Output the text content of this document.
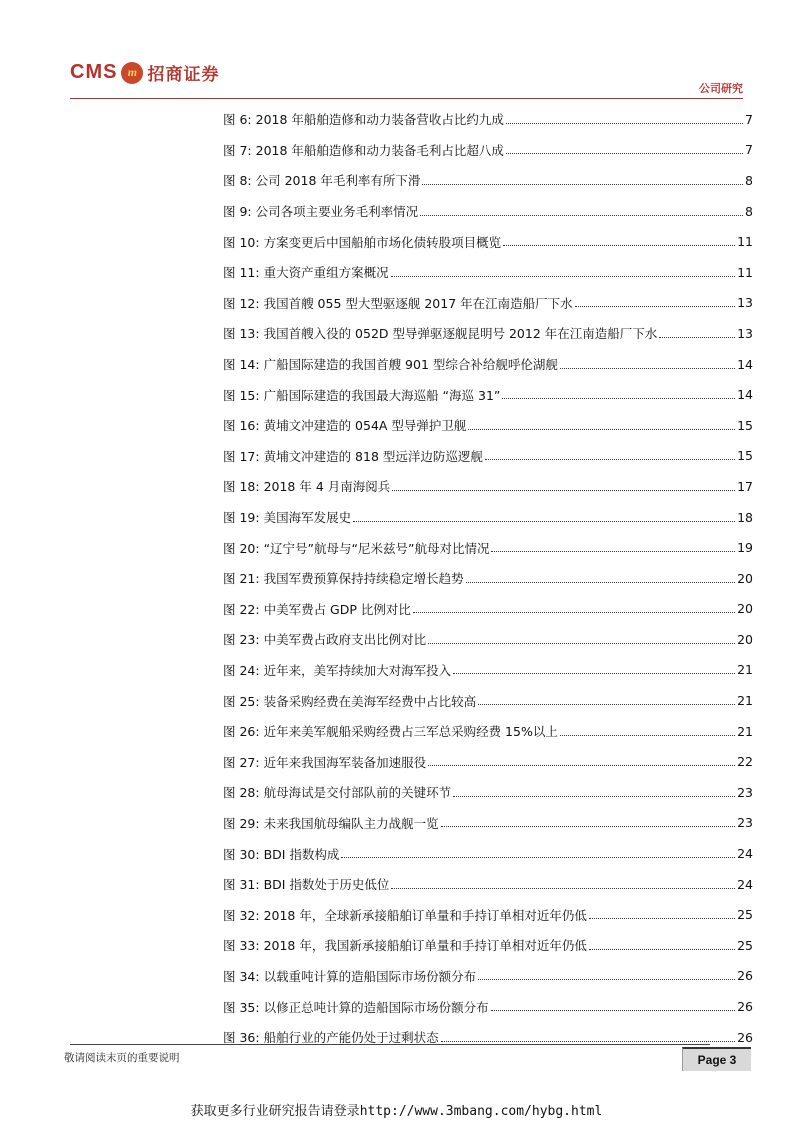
CMS m 招商证券
公司研究
图 6: 2018 年船舶造修和动力装备营收占比约九成	7
图 7: 2018 年船舶造修和动力装备毛利占比超八成	7
图 8: 公司 2018 年毛利率有所下滑	8
图 9: 公司各项主要业务毛利率情况	8
图 10: 方案变更后中国船舶市场化债转股项目概览	11
图 11: 重大资产重组方案概况	11
图 12: 我国首艘 055 型大型驱逐舰 2017 年在江南造船厂下水	13
图 13: 我国首艘入役的 052D 型导弹驱逐舰昆明号 2012 年在江南造船厂下水	13
图 14: 广船国际建造的我国首艘 901 型综合补给舰呼伦湖舰	14
图 15: 广船国际建造的我国最大海巡船 “海巡 31”	14
图 16: 黄埔文冲建造的 054A 型导弹护卫舰	15
图 17: 黄埔文冲建造的 818 型远洋边防巡逻舰	15
图 18: 2018 年 4 月南海阅兵	17
图 19: 美国海军发展史	18
图 20: “辽宁号”航母与“尼米兹号”航母对比情况	19
图 21: 我国军费预算保持持续稳定增长趋势	20
图 22: 中美军费占 GDP 比例对比	20
图 23: 中美军费占政府支出比例对比	20
图 24: 近年来，美军持续加大对海军投入	21
图 25: 装备采购经费在美海军经费中占比较高	21
图 26: 近年来美军舰船采购经费占三军总采购经费 15%以上	21
图 27: 近年来我国海军装备加速服役	22
图 28: 航母海试是交付部队前的关键环节	23
图 29: 未来我国航母编队主力战舰一览	23
图 30: BDI 指数构成	24
图 31: BDI 指数处于历史低位	24
图 32: 2018 年，全球新承接船舶订单量和手持订单相对近年仍低	25
图 33: 2018 年，我国新承接船舶订单量和手持订单相对近年仍低	25
图 34: 以载重吨计算的造船国际市场份额分布	26
图 35: 以修正总吨计算的造船国际市场份额分布	26
图 36: 船舶行业的产能仍处于过剩状态	26
敬请阅读末页的重要说明	Page 3
获取更多行业研究报告请登录http://www.3mbang.com/hybg.html
